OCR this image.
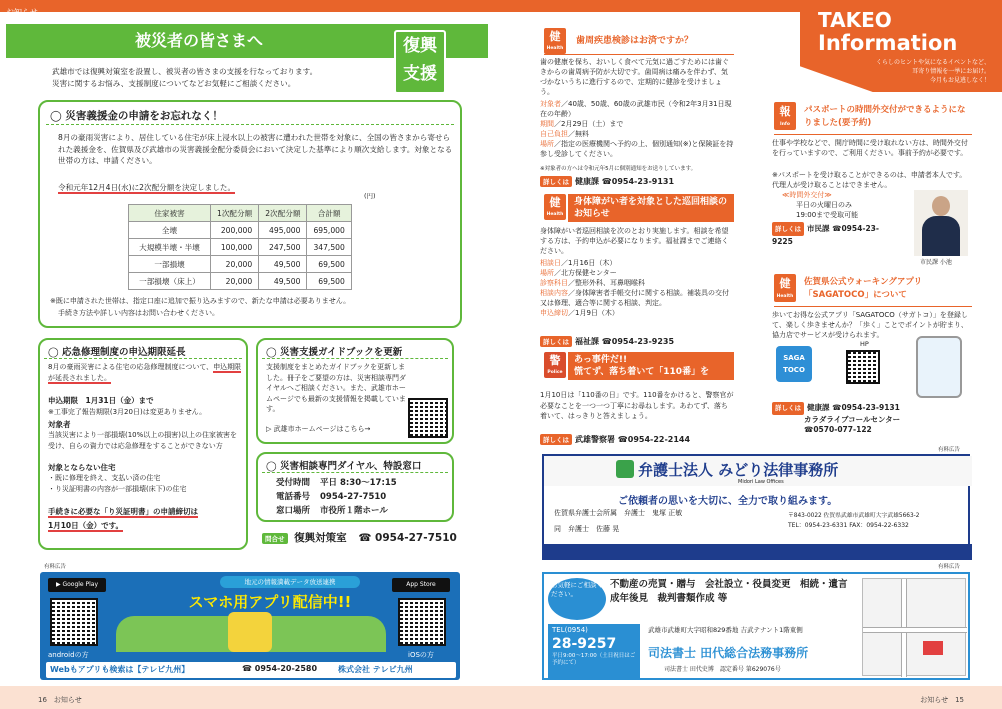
お知らせ
被災者の皆さまへ	復興
支援
武雄市では復興対策室を設置し、被災者の皆さまの支援を行なっております。
災害に関するお悩み、支援制度についてなどお気軽にご相談ください。
◯ 災害義援金の申請をお忘れなく！
8月の豪雨災害により、居住している住宅が床上浸水以上の被害に遭われた世帯を対象に、全国の皆さまから寄せられた義援金を、佐賀県及び武雄市の災害義援金配分委員会において決定した基準により順次支給します。対象となる世帯の方は、申請ください。
令和元年12月4日(水)に2次配分額を決定しました。
(円)
住家被害	1次配分額	2次配分額	合計額
全壊	200,000	495,000	695,000
大規模半壊・半壊	100,000	247,500	347,500
一部損壊	20,000	49,500	69,500
一部損壊（床上）	20,000	49,500	69,500
※既に申請された世帯は、指定口座に追加で振り込みますので、新たな申請は必要ありません。
手続き方法や詳しい内容はお問い合わせください。
◯ 応急修理制度の申込期限延長
8月の豪雨災害による住宅の応急修理制度について、申込期限が延長されました。
申込期限　1月31日（金）まで
※工事完了報告期限(3月20日)は変更ありません。
対象者
当該災害により一部損壊(10%以上の損害)以上の住家被害を受け、自らの資力では応急修理をすることができない方
対象とならない住宅
・既に修理を終え、支払い済の住宅
・り災証明書の内容が一部損壊(床下)の住宅
手続きに必要な「り災証明書」の申請締切は
1月10日（金）です。
◯ 災害支援ガイドブックを更新
支援制度をまとめたガイドブックを更新しました。冊子をご要望の方は、災害相談専門ダイヤルへご相談ください。また、武雄市ホームページでも最新の支援情報を掲載しています。
▷ 武雄市ホームページはこちら→
◯ 災害相談専門ダイヤル、特設窓口
受付時間 平日 8:30～17:15
電話番号 0954-27-7510
窓口場所 市役所１階ホール
問合せ 復興対策室 ☎ 0954-27-7510
有料広告
▶ Google Play
androidの方
地元の情報満載データ放送連携
スマホ用アプリ配信中!!
App Store
iOSの方
Webもアプリも検索は【テレビ九州】	☎ 0954-20-2580	株式会社 テレビ九州
16　 お知らせ
TAKEO
Information
くらしのヒントや気になるイベントなど、
耳寄り情報を一挙にお届け。
今月もお見逃しなく！
健
Health
歯周疾患検診はお済ですか？
歯の健康を保ち、おいしく食べて元気に過ごすためには歯ぐきからの歯周病予防が大切です。歯周病は痛みを伴わず、気づかないうちに進行するので、定期的に健診を受けましょう。
対象者／40歳、50歳、60歳の武雄市民（令和2年3月31日現在の年齢）
期間／2月29日（土）まで
自己負担／無料
場所／指定の医療機関へ予約の上、個別通知(※)と保険証を持参し受診してください。
※対象者の方へは令和元年5月に個別通知をお送りしています。
詳しくは 健康課 ☎0954-23-9131
健
Health
身体障がい者を対象とした巡回相談のお知らせ
身体障がい者巡回相談を次のとおり実施します。相談を希望する方は、予約申込が必要になります。福祉課までご連絡ください。
相談日／1月16日（木）
場所／北方保健センター
診察科目／整形外科、耳鼻咽喉科
相談内容／身体障害者手帳交付に関する相談。補装具の交付又は修理、適合等に関する相談、判定。
申込締切／1月9日（木）
詳しくは 福祉課 ☎0954-23-9235
警
Police
あっ事件だ!!
慌てず、落ち着いて「110番」を
1月10日は「110番の日」です。110番をかけると、警察官が必要なことを一つ一つ丁寧にお尋ねします。あわてず、落ち着いて、はっきりと答えましょう。
詳しくは 武雄警察署 ☎0954-22-2144
報
Info
パスポートの時間外交付ができるようになりました(要予約)
仕事や学校などで、開庁時間に受け取れない方は、時間外交付を行っていますので、ご利用ください。事前予約が必要です。
※パスポートを受け取ることができるのは、申請者本人です。代理人が受け取ることはできません。
≪時間外交付≫
平日の火曜日のみ
19:00まで受取可能
詳しくは 市民課 ☎0954-23-9225
市民課 小池
健
Health
佐賀県公式ウォーキングアプリ
「SAGATOCO」について
歩いてお得な公式アプリ「SAGATOCO（サガトコ）」を登録して、楽しく歩きませんか？「歩く」ことでポイントが貯まり、協力店でサービスが受けられます。
SAGA TOCO
HP
詳しくは 健康課 ☎0954-23-9131
カラダライブコールセンター
☎0570-077-122
有料広告
弁護士法人 みどり法律事務所
Midori Law Offices
ご依頼者の思いを大切に、全力で取り組みます。
佐賀県弁護士会所属　弁護士　鬼塚 正敏
同　弁護士　佐藤 晃
〒843-0022 佐賀県武雄市武雄町大字武雄5663-2
TEL：0954-23-6331 FAX：0954-22-6332
有料広告
お気軽にご相談ください。
不動産の売買・贈与　会社設立・役員変更　相続・遺言　成年後見　裁判書類作成 等
TEL(0954)
28-9257
平日9:00～17:00（土日祝日はご予約にて）
武雄市武雄町大字昭和829番地 吉武テナント1階東側
司法書士 田代総合法務事務所
司法書士 田代史博　認定番号 第629076号
お知らせ　 15
